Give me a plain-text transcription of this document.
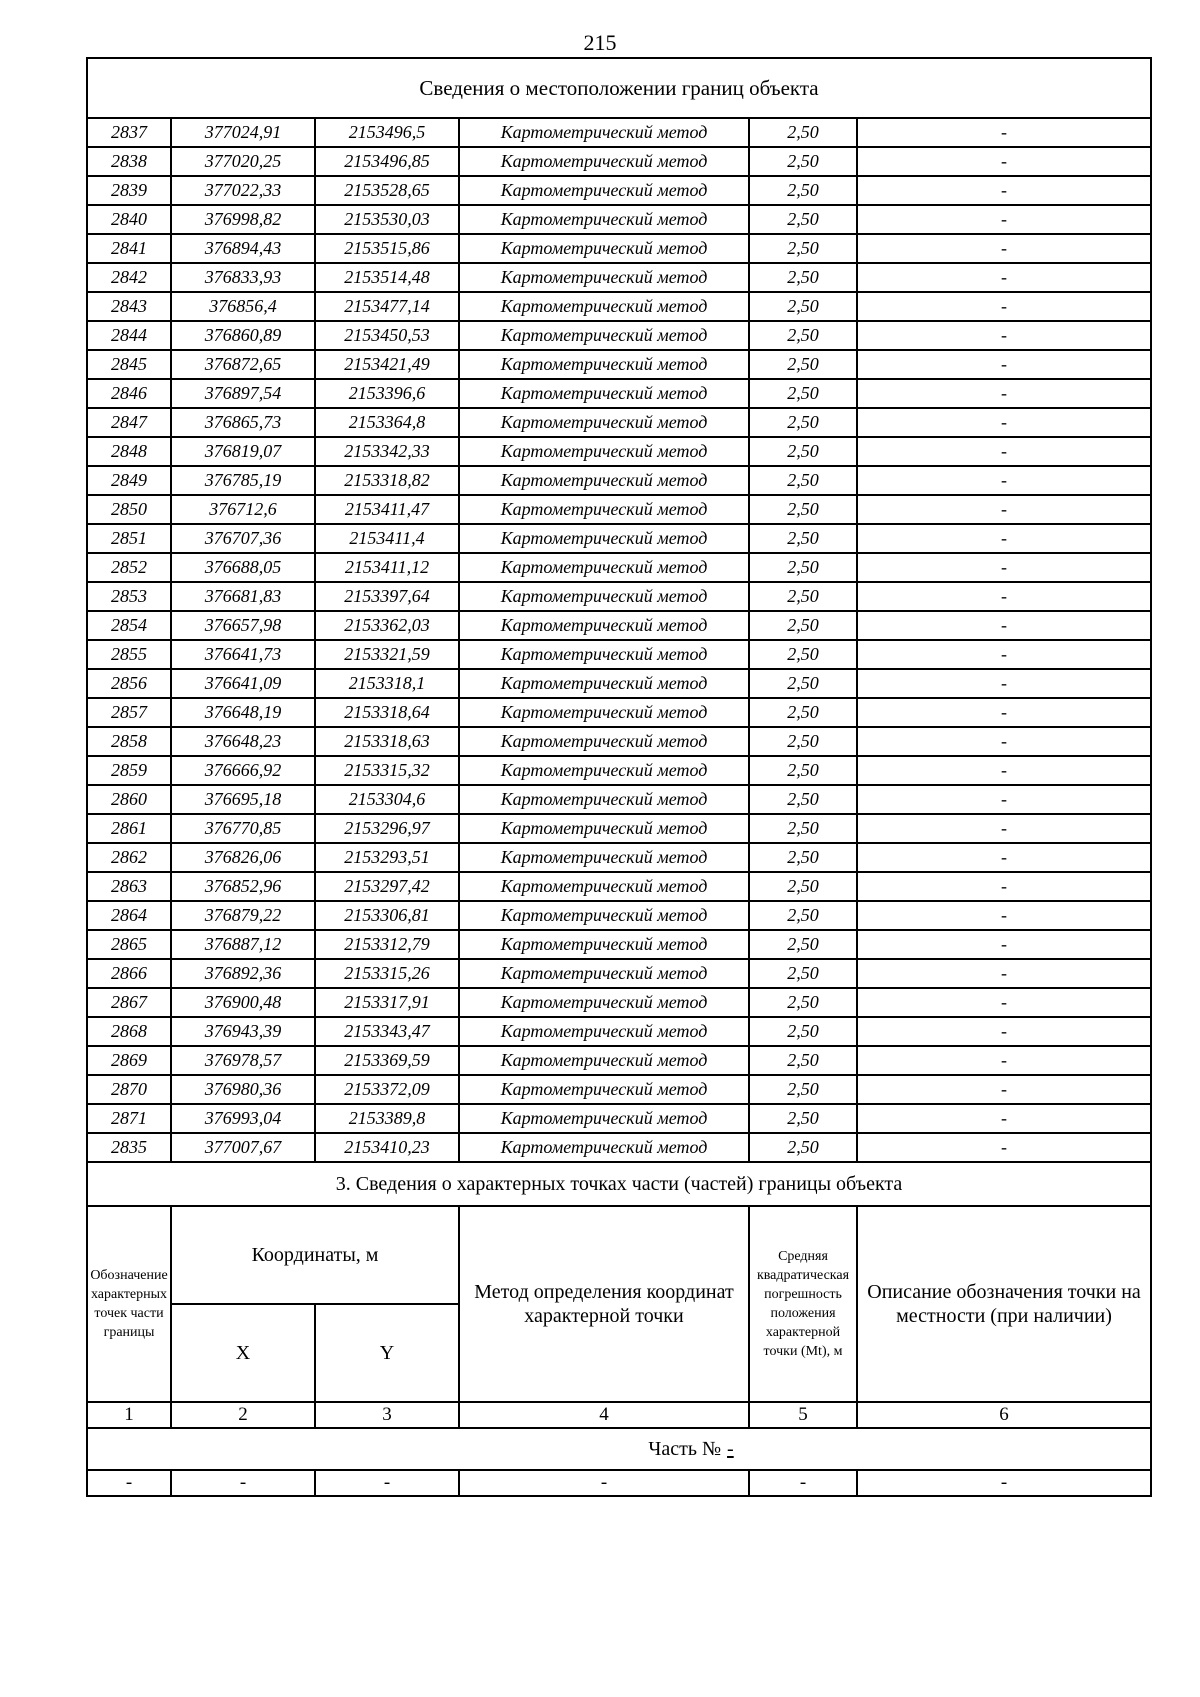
215
Сведения о местоположении границ объекта					
2837	377024,91	2153496,5	Картометрический метод	2,50	-
2838	377020,25	2153496,85	Картометрический метод	2,50	-
2839	377022,33	2153528,65	Картометрический метод	2,50	-
2840	376998,82	2153530,03	Картометрический метод	2,50	-
2841	376894,43	2153515,86	Картометрический метод	2,50	-
2842	376833,93	2153514,48	Картометрический метод	2,50	-
2843	376856,4	2153477,14	Картометрический метод	2,50	-
2844	376860,89	2153450,53	Картометрический метод	2,50	-
2845	376872,65	2153421,49	Картометрический метод	2,50	-
2846	376897,54	2153396,6	Картометрический метод	2,50	-
2847	376865,73	2153364,8	Картометрический метод	2,50	-
2848	376819,07	2153342,33	Картометрический метод	2,50	-
2849	376785,19	2153318,82	Картометрический метод	2,50	-
2850	376712,6	2153411,47	Картометрический метод	2,50	-
2851	376707,36	2153411,4	Картометрический метод	2,50	-
2852	376688,05	2153411,12	Картометрический метод	2,50	-
2853	376681,83	2153397,64	Картометрический метод	2,50	-
2854	376657,98	2153362,03	Картометрический метод	2,50	-
2855	376641,73	2153321,59	Картометрический метод	2,50	-
2856	376641,09	2153318,1	Картометрический метод	2,50	-
2857	376648,19	2153318,64	Картометрический метод	2,50	-
2858	376648,23	2153318,63	Картометрический метод	2,50	-
2859	376666,92	2153315,32	Картометрический метод	2,50	-
2860	376695,18	2153304,6	Картометрический метод	2,50	-
2861	376770,85	2153296,97	Картометрический метод	2,50	-
2862	376826,06	2153293,51	Картометрический метод	2,50	-
2863	376852,96	2153297,42	Картометрический метод	2,50	-
2864	376879,22	2153306,81	Картометрический метод	2,50	-
2865	376887,12	2153312,79	Картометрический метод	2,50	-
2866	376892,36	2153315,26	Картометрический метод	2,50	-
2867	376900,48	2153317,91	Картометрический метод	2,50	-
2868	376943,39	2153343,47	Картометрический метод	2,50	-
2869	376978,57	2153369,59	Картометрический метод	2,50	-
2870	376980,36	2153372,09	Картометрический метод	2,50	-
2871	376993,04	2153389,8	Картометрический метод	2,50	-
2835	377007,67	2153410,23	Картометрический метод	2,50	-
3. Сведения о характерных точках части (частей) границы объекта					
Обозначение характерных точек части границы	Координаты, м		Метод определения координат характерной точки	Средняя квадратическая погрешность положения характерной точки (Mt), м	Описание обозначения точки на местности (при наличии)
	X	Y			
1	2	3	4	5	6
Часть № -					
-	-	-	-	-	-
